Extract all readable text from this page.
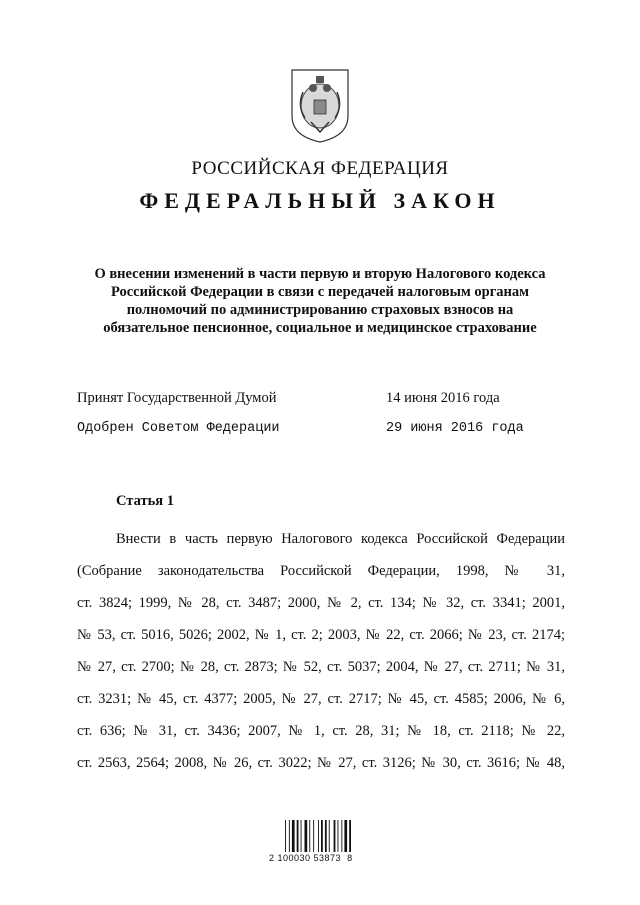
РОССИЙСКАЯ ФЕДЕРАЦИЯ
ФЕДЕРАЛЬНЫЙ ЗАКОН
О внесении изменений в части первую и вторую Налогового кодекса
Российской Федерации в связи с передачей налоговым органам
полномочий по администрированию страховых взносов на
обязательное пенсионное, социальное и медицинское страхование
Принят Государственной Думой	14 июня 2016 года
Одобрен Советом Федерации	29 июня 2016 года
Статья 1
Внести в часть первую Налогового кодекса Российской Федерации
(Собрание законодательства Российской Федерации, 1998, № 31,
ст. 3824; 1999, № 28, ст. 3487; 2000, № 2, ст. 134; № 32, ст. 3341; 2001,
№ 53, ст. 5016, 5026; 2002, № 1, ст. 2; 2003, № 22, ст. 2066; № 23, ст. 2174;
№ 27, ст. 2700; № 28, ст. 2873; № 52, ст. 5037; 2004, № 27, ст. 2711; № 31,
ст. 3231; № 45, ст. 4377; 2005, № 27, ст. 2717; № 45, ст. 4585; 2006, № 6,
ст. 636; № 31, ст. 3436; 2007, № 1, ст. 28, 31; № 18, ст. 2118; № 22,
ст. 2563, 2564; 2008, № 26, ст. 3022; № 27, ст. 3126; № 30, ст. 3616; № 48,
2 100030 53873  8
